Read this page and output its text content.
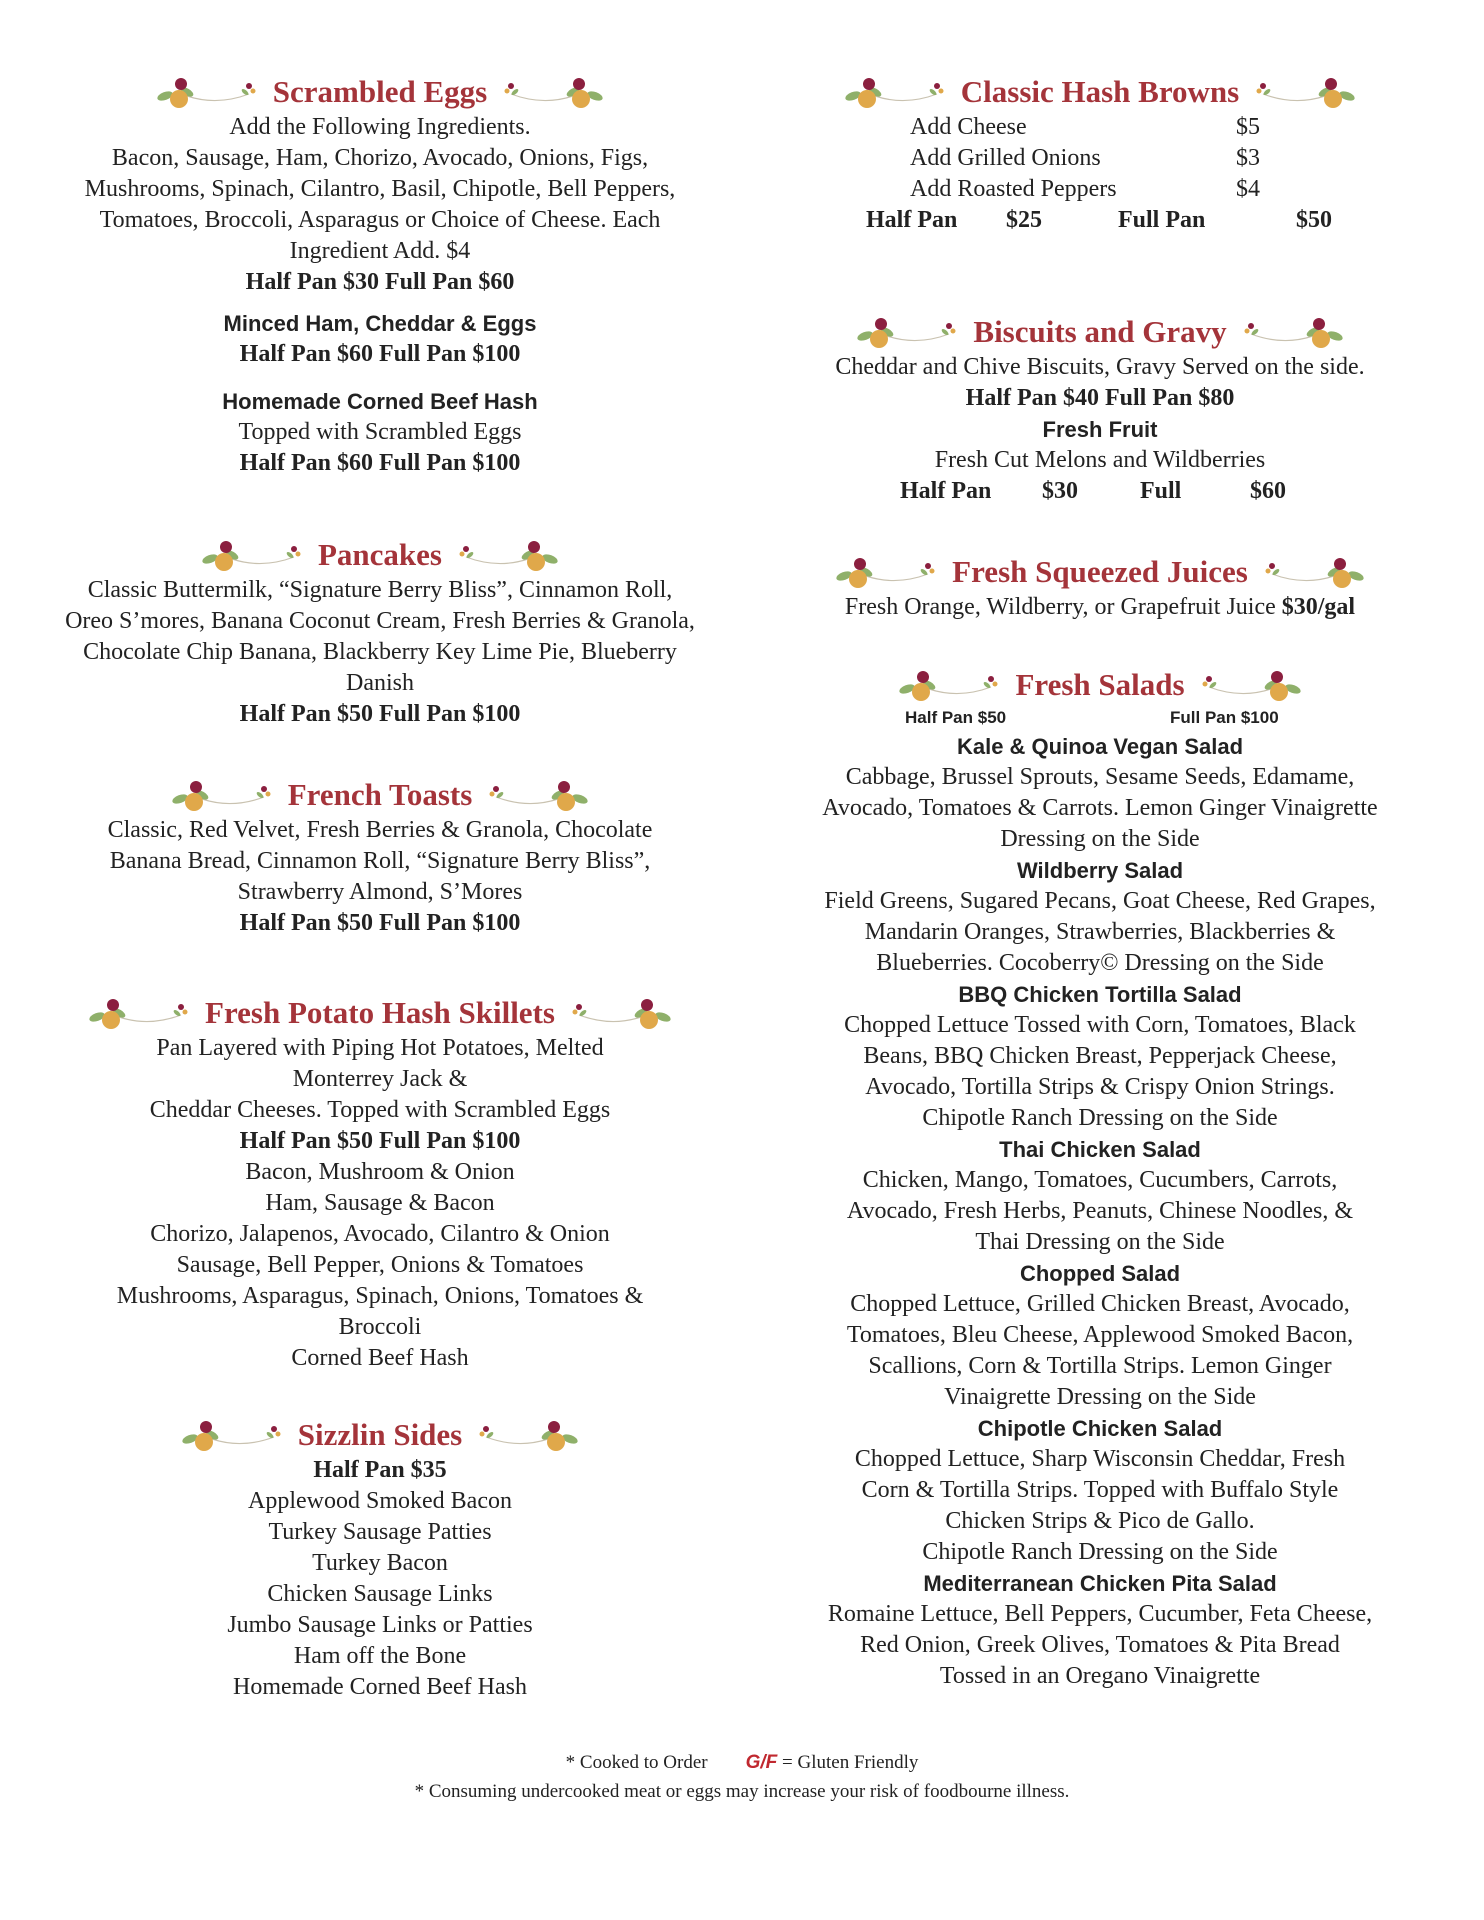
Scrambled Eggs
Add the Following Ingredients.
Bacon, Sausage, Ham, Chorizo, Avocado, Onions, Figs, Mushrooms, Spinach, Cilantro, Basil, Chipotle, Bell Peppers, Tomatoes, Broccoli, Asparagus or Choice of Cheese. Each Ingredient Add. $4
Half Pan $30 Full Pan $60
Minced Ham, Cheddar & Eggs
Half Pan $60 Full Pan $100
Homemade Corned Beef Hash
Topped with Scrambled Eggs
Half Pan $60 Full Pan $100
Pancakes
Classic Buttermilk, “Signature Berry Bliss”, Cinnamon Roll, Oreo S’mores, Banana Coconut Cream, Fresh Berries & Granola, Chocolate Chip Banana, Blackberry Key Lime Pie, Blueberry Danish
Half Pan $50 Full Pan $100
French Toasts
Classic, Red Velvet, Fresh Berries & Granola, Chocolate Banana Bread, Cinnamon Roll, “Signature Berry Bliss”, Strawberry Almond, S’Mores
Half Pan $50 Full Pan $100
Fresh Potato Hash Skillets
Pan Layered with Piping Hot Potatoes, Melted
Monterrey Jack &
Cheddar Cheeses. Topped with Scrambled Eggs
Half Pan $50 Full Pan $100
Bacon, Mushroom & Onion
Ham, Sausage & Bacon
Chorizo, Jalapenos, Avocado, Cilantro & Onion
Sausage, Bell Pepper, Onions & Tomatoes
Mushrooms, Asparagus, Spinach, Onions, Tomatoes &
Broccoli
Corned Beef Hash
Sizzlin Sides
Half Pan $35
Applewood Smoked Bacon
Turkey Sausage Patties
Turkey Bacon
Chicken Sausage Links
Jumbo Sausage Links or Patties
Ham off the Bone
Homemade Corned Beef Hash
Classic Hash Browns
Add Cheese	$5
Add Grilled Onions	$3
Add Roasted Peppers	$4
Half Pan $25	Full Pan	$50
Biscuits and Gravy
Cheddar and Chive Biscuits, Gravy Served on the side.
Half Pan $40 Full Pan $80
Fresh Fruit
Fresh Cut Melons and Wildberries
Half Pan $30	Full	$60
Fresh Squeezed Juices
Fresh Orange, Wildberry, or Grapefruit Juice $30/gal
Fresh Salads
Half Pan $50	Full Pan $100
Kale & Quinoa Vegan Salad
Cabbage, Brussel Sprouts, Sesame Seeds, Edamame,
Avocado, Tomatoes & Carrots. Lemon Ginger Vinaigrette
Dressing on the Side
Wildberry Salad
Field Greens, Sugared Pecans, Goat Cheese, Red Grapes,
Mandarin Oranges, Strawberries, Blackberries &
Blueberries. Cocoberry© Dressing on the Side
BBQ Chicken Tortilla Salad
Chopped Lettuce Tossed with Corn, Tomatoes, Black
Beans, BBQ Chicken Breast, Pepperjack Cheese,
Avocado, Tortilla Strips & Crispy Onion Strings.
Chipotle Ranch Dressing on the Side
Thai Chicken Salad
Chicken, Mango, Tomatoes, Cucumbers, Carrots,
Avocado, Fresh Herbs, Peanuts, Chinese Noodles, &
Thai Dressing on the Side
Chopped Salad
Chopped Lettuce, Grilled Chicken Breast, Avocado,
Tomatoes, Bleu Cheese, Applewood Smoked Bacon,
Scallions, Corn & Tortilla Strips. Lemon Ginger
Vinaigrette Dressing on the Side
Chipotle Chicken Salad
Chopped Lettuce, Sharp Wisconsin Cheddar, Fresh
Corn & Tortilla Strips. Topped with Buffalo Style
Chicken Strips & Pico de Gallo.
Chipotle Ranch Dressing on the Side
Mediterranean Chicken Pita Salad
Romaine Lettuce, Bell Peppers, Cucumber, Feta Cheese,
Red Onion, Greek Olives, Tomatoes & Pita Bread
Tossed in an Oregano Vinaigrette
* Cooked to Order G/F = Gluten Friendly
* Consuming undercooked meat or eggs may increase your risk of foodbourne illness.
